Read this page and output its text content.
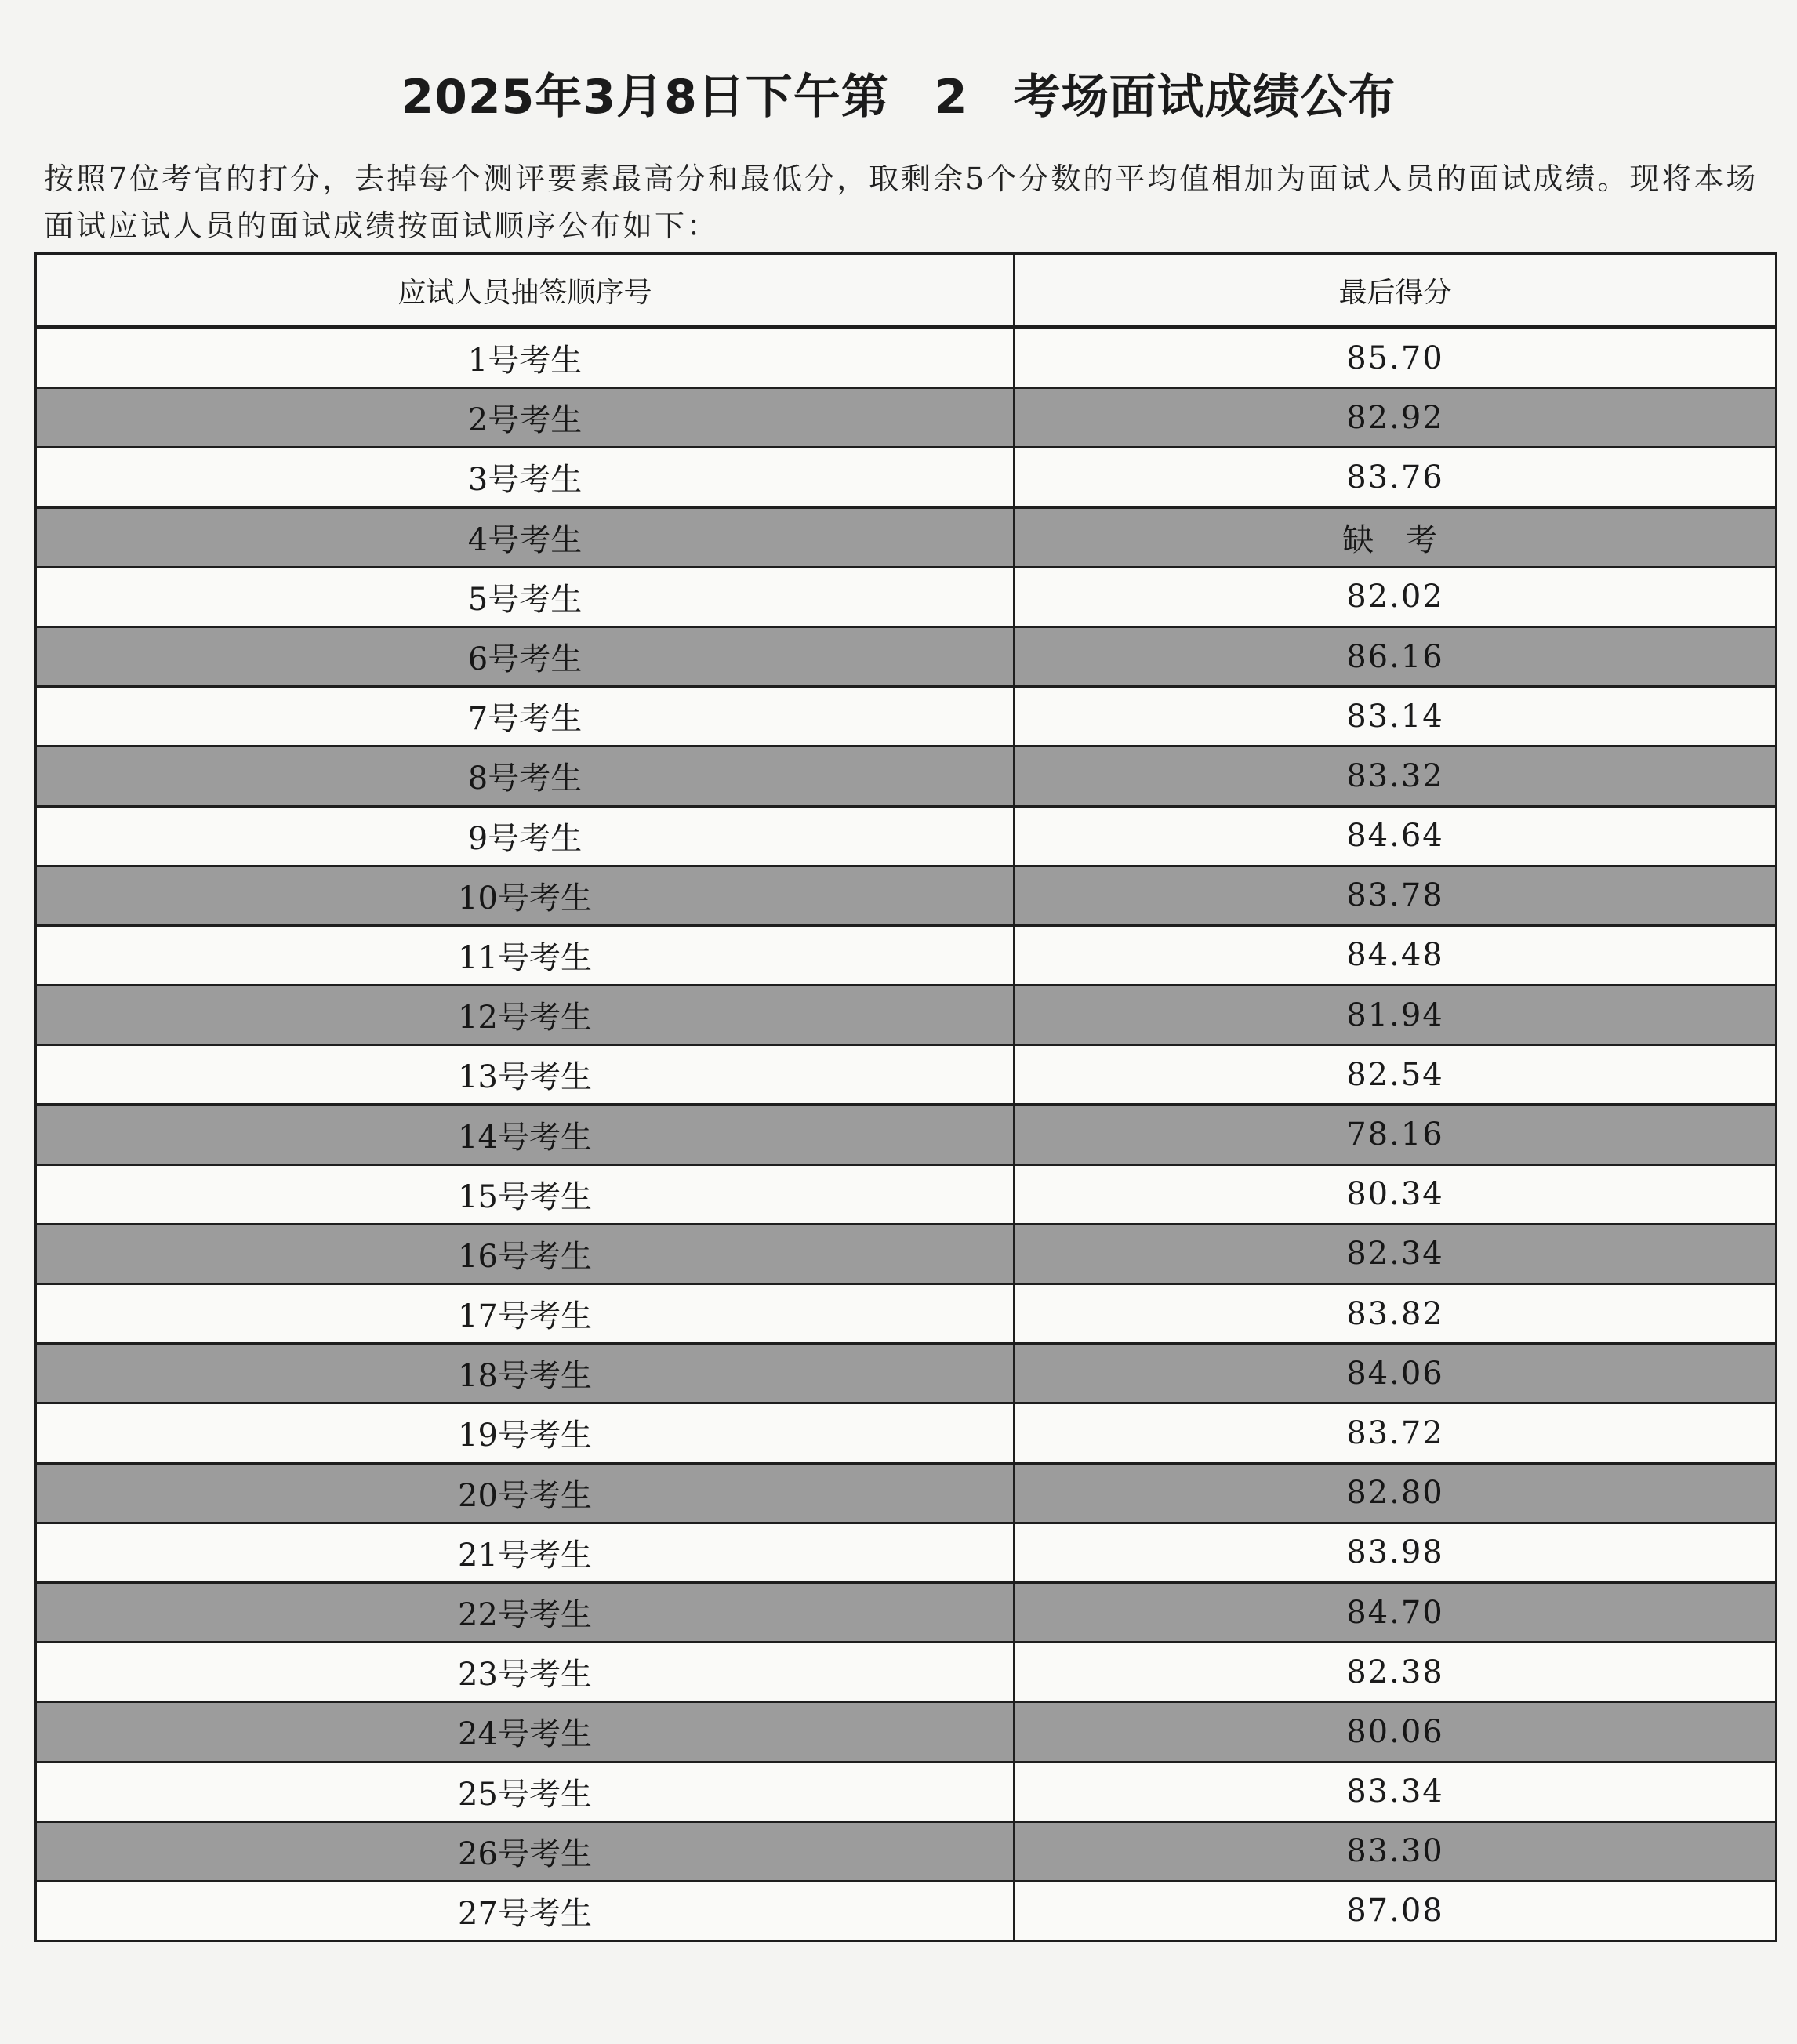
2025年3月8日下午第 2 考场面试成绩公布
按照7位考官的打分，去掉每个测评要素最高分和最低分，取剩余5个分数的平均值相加为面试人员的面试成绩。现将本场面试应试人员的面试成绩按面试顺序公布如下：
应试人员抽签顺序号	最后得分
1号考生	85.70
2号考生	82.92
3号考生	83.76
4号考生	缺 考
5号考生	82.02
6号考生	86.16
7号考生	83.14
8号考生	83.32
9号考生	84.64
10号考生	83.78
11号考生	84.48
12号考生	81.94
13号考生	82.54
14号考生	78.16
15号考生	80.34
16号考生	82.34
17号考生	83.82
18号考生	84.06
19号考生	83.72
20号考生	82.80
21号考生	83.98
22号考生	84.70
23号考生	82.38
24号考生	80.06
25号考生	83.34
26号考生	83.30
27号考生	87.08
